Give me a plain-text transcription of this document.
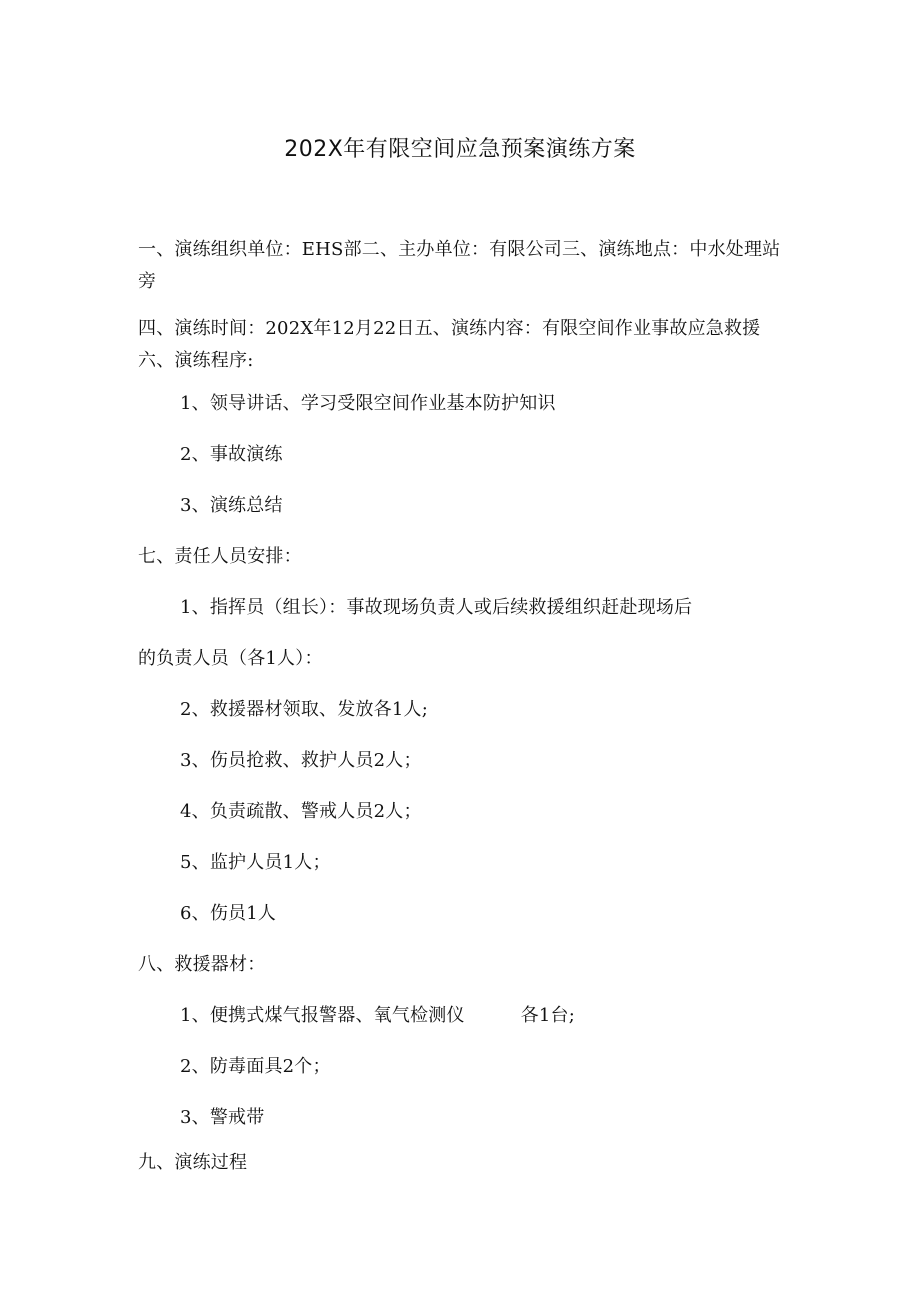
202X年有限空间应急预案演练方案
一、演练组织单位：EHS部二、主办单位：有限公司三、演练地点：中水处理站旁
四、演练时间：202X年12月22日五、演练内容：有限空间作业事故应急救援六、演练程序:
1、领导讲话、学习受限空间作业基本防护知识
2、事故演练
3、演练总结
七、责任人员安排：
1、指挥员（组长）：事故现场负责人或后续救援组织赶赴现场后
的负责人员（各1人）：
2、救援器材领取、发放各1人;
3、伤员抢救、救护人员2人；
4、负责疏散、警戒人员2人；
5、监护人员1人；
6、伤员1人
八、救援器材：
1、便携式煤气报警器、氧气检测仪	各1台;
2、防毒面具2个；
3、警戒带
九、演练过程
